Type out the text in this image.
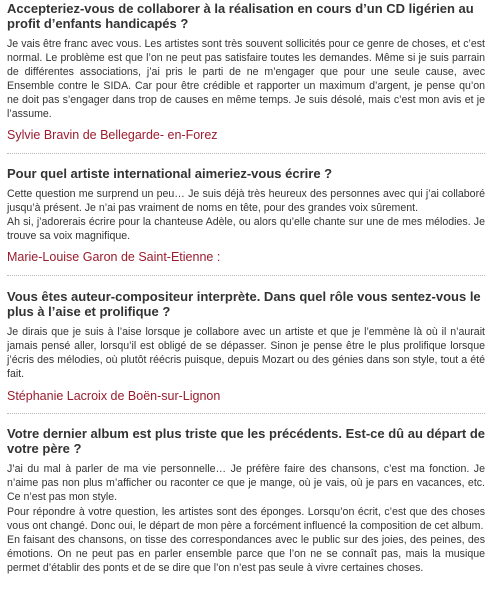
Accepteriez-vous de collaborer à la réalisation en cours d’un CD ligérien au profit d’enfants handicapés ?

Je vais être franc avec vous. Les artistes sont très souvent sollicités pour ce genre de choses, et c’est normal. Le problème est que l’on ne peut pas satisfaire toutes les demandes. Même si je suis parrain de différentes associations, j’ai pris le parti de ne m’engager que pour une seule cause, avec Ensemble contre le SIDA. Car pour être crédible et rapporter un maximum d’argent, je pense qu’on ne doit pas s’engager dans trop de causes en même temps. Je suis désolé, mais c’est mon avis et je l’assume.

Sylvie Bravin de Bellegarde- en-Forez

Pour quel artiste international aimeriez-vous écrire ?

Cette question me surprend un peu… Je suis déjà très heureux des personnes avec qui j’ai collaboré jusqu’à présent. Je n’ai pas vraiment de noms en tête, pour des grandes voix sûrement.

Ah si, j’adorerais écrire pour la chanteuse Adèle, ou alors qu’elle chante sur une de mes mélodies. Je trouve sa voix magnifique.

Marie-Louise Garon de Saint-Etienne :

Vous êtes auteur-compositeur interprète. Dans quel rôle vous sentez-vous le plus à l’aise et prolifique ?

Je dirais que je suis à l’aise lorsque je collabore avec un artiste et que je l’emmène là où il n’aurait jamais pensé aller, lorsqu’il est obligé de se dépasser. Sinon je pense être le plus prolifique lorsque j’écris des mélodies, où plutôt réécris puisque, depuis Mozart ou des génies dans son style, tout a été fait.

Stéphanie Lacroix de Boën-sur-Lignon

Votre dernier album est plus triste que les précédents. Est-ce dû au départ de votre père ?

J’ai du mal à parler de ma vie personnelle… Je préfère faire des chansons, c’est ma fonction. Je n’aime pas non plus m’afficher ou raconter ce que je mange, où je vais, où je pars en vacances, etc. Ce n’est pas mon style.

Pour répondre à votre question, les artistes sont des éponges. Lorsqu’on écrit, c’est que des choses vous ont changé. Donc oui, le départ de mon père a forcément influencé la composition de cet album.

En faisant des chansons, on tisse des correspondances avec le public sur des joies, des peines, des émotions. On ne peut pas en parler ensemble parce que l’on ne se connaît pas, mais la musique permet d’établir des ponts et de se dire que l’on n’est pas seule à vivre certaines choses.
